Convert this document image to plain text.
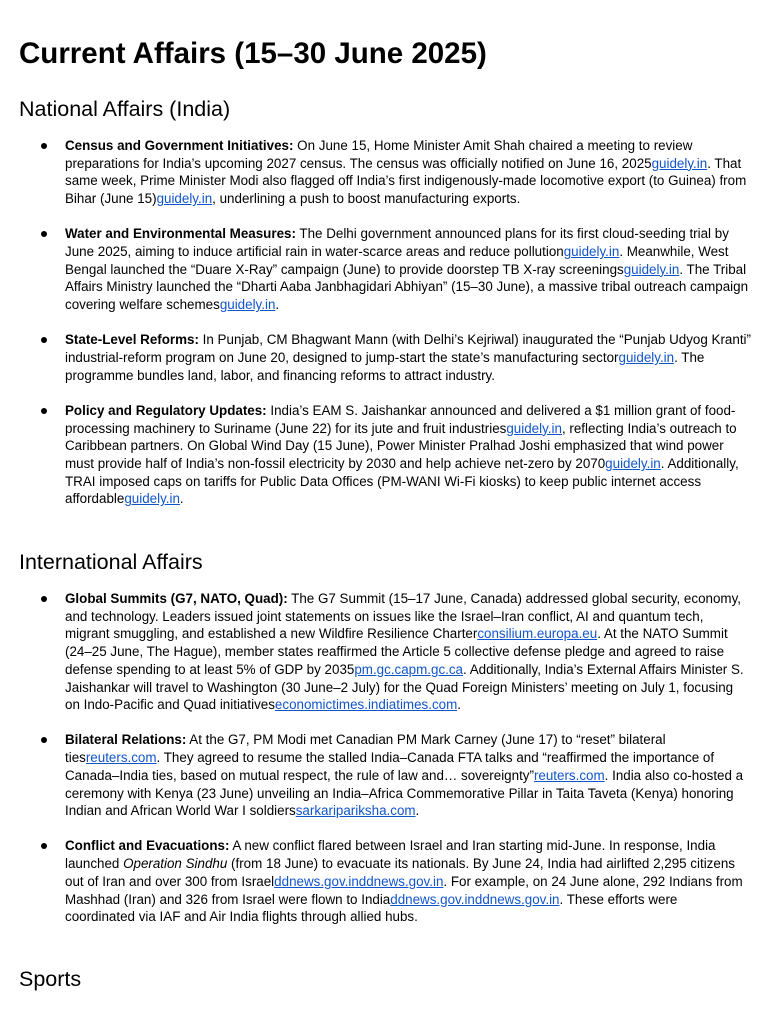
Current Affairs (15–30 June 2025)
National Affairs (India)
Census and Government Initiatives: On June 15, Home Minister Amit Shah chaired a meeting to review preparations for India’s upcoming 2027 census. The census was officially notified on June 16, 2025guidely.in. That same week, Prime Minister Modi also flagged off India’s first indigenously-made locomotive export (to Guinea) from Bihar (June 15)guidely.in, underlining a push to boost manufacturing exports.
Water and Environmental Measures: The Delhi government announced plans for its first cloud-seeding trial by June 2025, aiming to induce artificial rain in water-scarce areas and reduce pollutionguidely.in. Meanwhile, West Bengal launched the “Duare X-Ray” campaign (June) to provide doorstep TB X-ray screeningsguidely.in. The Tribal Affairs Ministry launched the “Dharti Aaba Janbhagidari Abhiyan” (15–30 June), a massive tribal outreach campaign covering welfare schemesguidely.in.
State-Level Reforms: In Punjab, CM Bhagwant Mann (with Delhi’s Kejriwal) inaugurated the “Punjab Udyog Kranti” industrial-reform program on June 20, designed to jump-start the state’s manufacturing sectorguidely.in. The programme bundles land, labor, and financing reforms to attract industry.
Policy and Regulatory Updates: India’s EAM S. Jaishankar announced and delivered a $1 million grant of food-processing machinery to Suriname (June 22) for its jute and fruit industriesguidely.in, reflecting India’s outreach to Caribbean partners. On Global Wind Day (15 June), Power Minister Pralhad Joshi emphasized that wind power must provide half of India’s non-fossil electricity by 2030 and help achieve net-zero by 2070guidely.in. Additionally, TRAI imposed caps on tariffs for Public Data Offices (PM-WANI Wi-Fi kiosks) to keep public internet access affordableguidely.in.
International Affairs
Global Summits (G7, NATO, Quad): The G7 Summit (15–17 June, Canada) addressed global security, economy, and technology. Leaders issued joint statements on issues like the Israel–Iran conflict, AI and quantum tech, migrant smuggling, and established a new Wildfire Resilience Charterconsilium.europa.eu. At the NATO Summit (24–25 June, The Hague), member states reaffirmed the Article 5 collective defense pledge and agreed to raise defense spending to at least 5% of GDP by 2035pm.gc.capm.gc.ca. Additionally, India’s External Affairs Minister S. Jaishankar will travel to Washington (30 June–2 July) for the Quad Foreign Ministers’ meeting on July 1, focusing on Indo-Pacific and Quad initiativeseconomictimes.indiatimes.com.
Bilateral Relations: At the G7, PM Modi met Canadian PM Mark Carney (June 17) to “reset” bilateral tiesreuters.com. They agreed to resume the stalled India–Canada FTA talks and “reaffirmed the importance of Canada–India ties, based on mutual respect, the rule of law and… sovereignty”reuters.com. India also co-hosted a ceremony with Kenya (23 June) unveiling an India–Africa Commemorative Pillar in Taita Taveta (Kenya) honoring Indian and African World War I soldierssarkaripariksha.com.
Conflict and Evacuations: A new conflict flared between Israel and Iran starting mid-June. In response, India launched Operation Sindhu (from 18 June) to evacuate its nationals. By June 24, India had airlifted 2,295 citizens out of Iran and over 300 from Israelddnews.gov.inddnews.gov.in. For example, on 24 June alone, 292 Indians from Mashhad (Iran) and 326 from Israel were flown to Indiaddnews.gov.inddnews.gov.in. These efforts were coordinated via IAF and Air India flights through allied hubs.
Sports
